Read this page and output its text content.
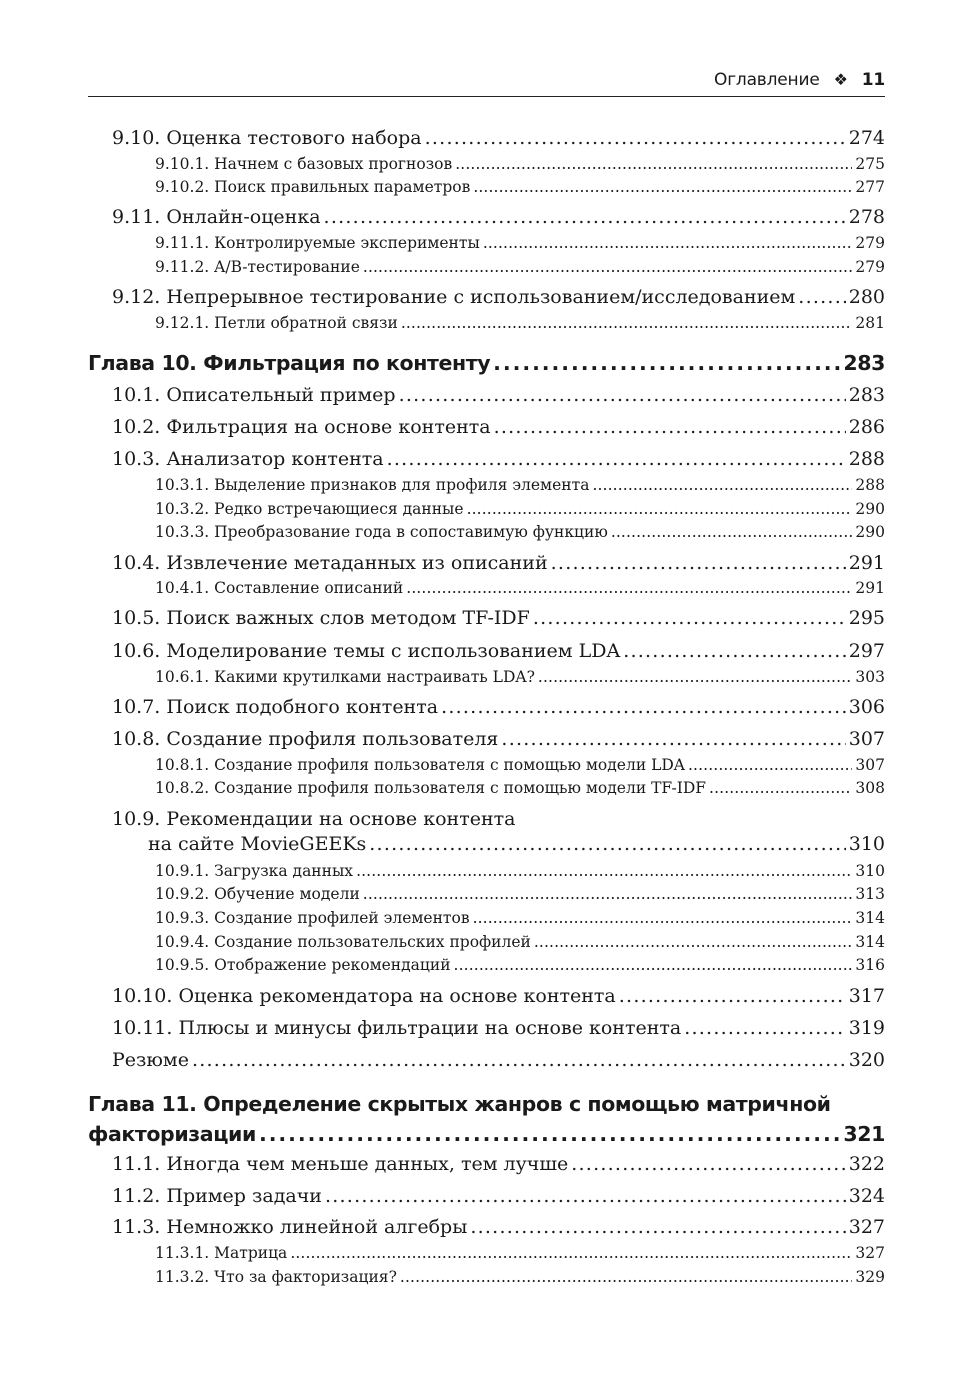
Оглавление ❖ 11
9.10. Оценка тестового набора . . .	274
9.10.1. Начнем с базовых прогнозов . . .	275
9.10.2. Поиск правильных параметров . . .	277
9.11. Онлайн-оценка . . .	278
9.11.1. Контролируемые эксперименты . . .	279
9.11.2. A/B-тестирование . . .	279
9.12. Непрерывное тестирование с использованием/исследованием . . .	280
9.12.1. Петли обратной связи . . .	281
Глава 10. Фильтрация по контенту . . .	283
10.1. Описательный пример . . .	283
10.2. Фильтрация на основе контента . . .	286
10.3. Анализатор контента . . .	288
10.3.1. Выделение признаков для профиля элемента . . .	288
10.3.2. Редко встречающиеся данные . . .	290
10.3.3. Преобразование года в сопоставимую функцию . . .	290
10.4. Извлечение метаданных из описаний . . .	291
10.4.1. Составление описаний . . .	291
10.5. Поиск важных слов методом TF-IDF . . .	295
10.6. Моделирование темы с использованием LDA . . .	297
10.6.1. Какими крутилками настраивать LDA? . . .	303
10.7. Поиск подобного контента . . .	306
10.8. Создание профиля пользователя . . .	307
10.8.1. Создание профиля пользователя с помощью модели LDA . . .	307
10.8.2. Создание профиля пользователя с помощью модели TF-IDF . . .	308
10.9. Рекомендации на основе контента
на сайте MovieGEEKs . . .	310
10.9.1. Загрузка данных . . .	310
10.9.2. Обучение модели . . .	313
10.9.3. Создание профилей элементов . . .	314
10.9.4. Создание пользовательских профилей . . .	314
10.9.5. Отображение рекомендаций . . .	316
10.10. Оценка рекомендатора на основе контента . . .	317
10.11. Плюсы и минусы фильтрации на основе контента . . .	319
Резюме . . .	320
Глава 11. Определение скрытых жанров с помощью матричной
факторизации . . .	321
11.1. Иногда чем меньше данных, тем лучше . . .	322
11.2. Пример задачи . . .	324
11.3. Немножко линейной алгебры . . .	327
11.3.1. Матрица . . .	327
11.3.2. Что за факторизация? . . .	329
